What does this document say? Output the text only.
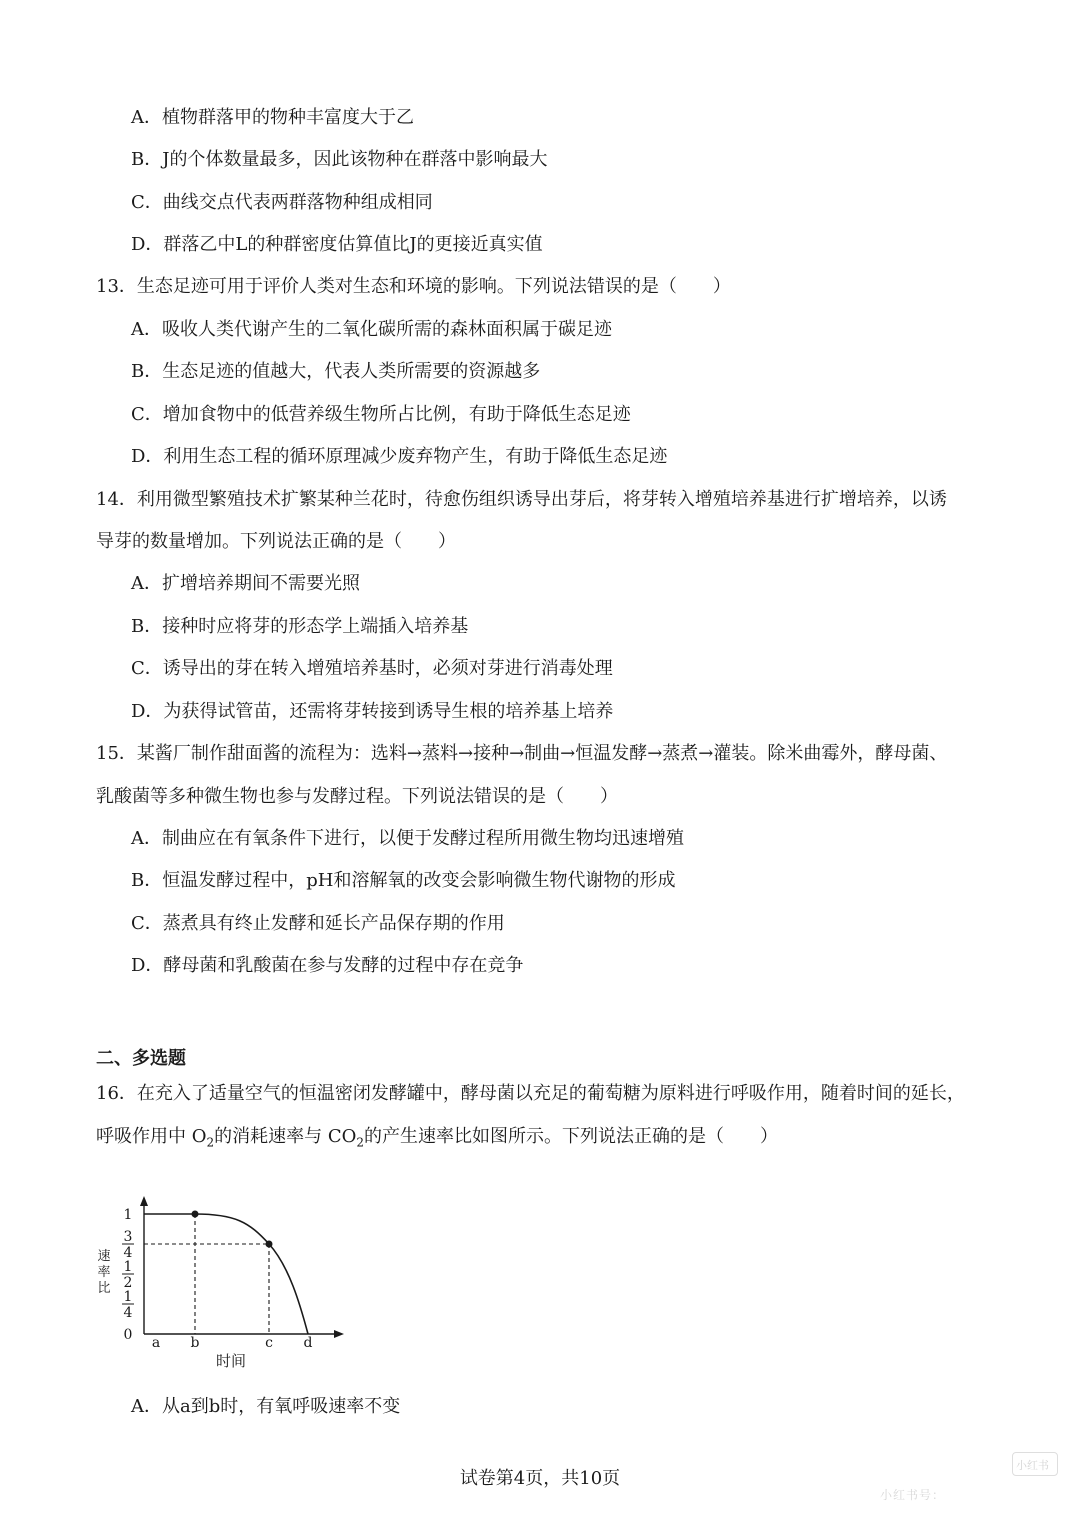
A．植物群落甲的物种丰富度大于乙
B．J的个体数量最多，因此该物种在群落中影响最大
C．曲线交点代表两群落物种组成相同
D．群落乙中L的种群密度估算值比J的更接近真实值
13．生态足迹可用于评价人类对生态和环境的影响。下列说法错误的是（　　）
A．吸收人类代谢产生的二氧化碳所需的森林面积属于碳足迹
B．生态足迹的值越大，代表人类所需要的资源越多
C．增加食物中的低营养级生物所占比例，有助于降低生态足迹
D．利用生态工程的循环原理减少废弃物产生，有助于降低生态足迹
14．利用微型繁殖技术扩繁某种兰花时，待愈伤组织诱导出芽后，将芽转入增殖培养基进行扩增培养，以诱
导芽的数量增加。下列说法正确的是（　　）
A．扩增培养期间不需要光照
B．接种时应将芽的形态学上端插入培养基
C．诱导出的芽在转入增殖培养基时，必须对芽进行消毒处理
D．为获得试管苗，还需将芽转接到诱导生根的培养基上培养
15．某酱厂制作甜面酱的流程为：选料→蒸料→接种→制曲→恒温发酵→蒸煮→灌装。除米曲霉外，酵母菌、
乳酸菌等多种微生物也参与发酵过程。下列说法错误的是（　　）
A．制曲应在有氧条件下进行，以便于发酵过程所用微生物均迅速增殖
B．恒温发酵过程中，pH和溶解氧的改变会影响微生物代谢物的形成
C．蒸煮具有终止发酵和延长产品保存期的作用
D．酵母菌和乳酸菌在参与发酵的过程中存在竞争
二、多选题
16．在充入了适量空气的恒温密闭发酵罐中，酵母菌以充足的葡萄糖为原料进行呼吸作用，随着时间的延长，
呼吸作用中 $O_2$的消耗速率与 $CO_2$的产生速率比如图所示。下列说法正确的是（　　）
0
1
4
1
2
3
4
1
速
率
比
a b	c d
时间
A．从a到b时，有氧呼吸速率不变
试卷第4页，共10页
小红书
小红书号：
